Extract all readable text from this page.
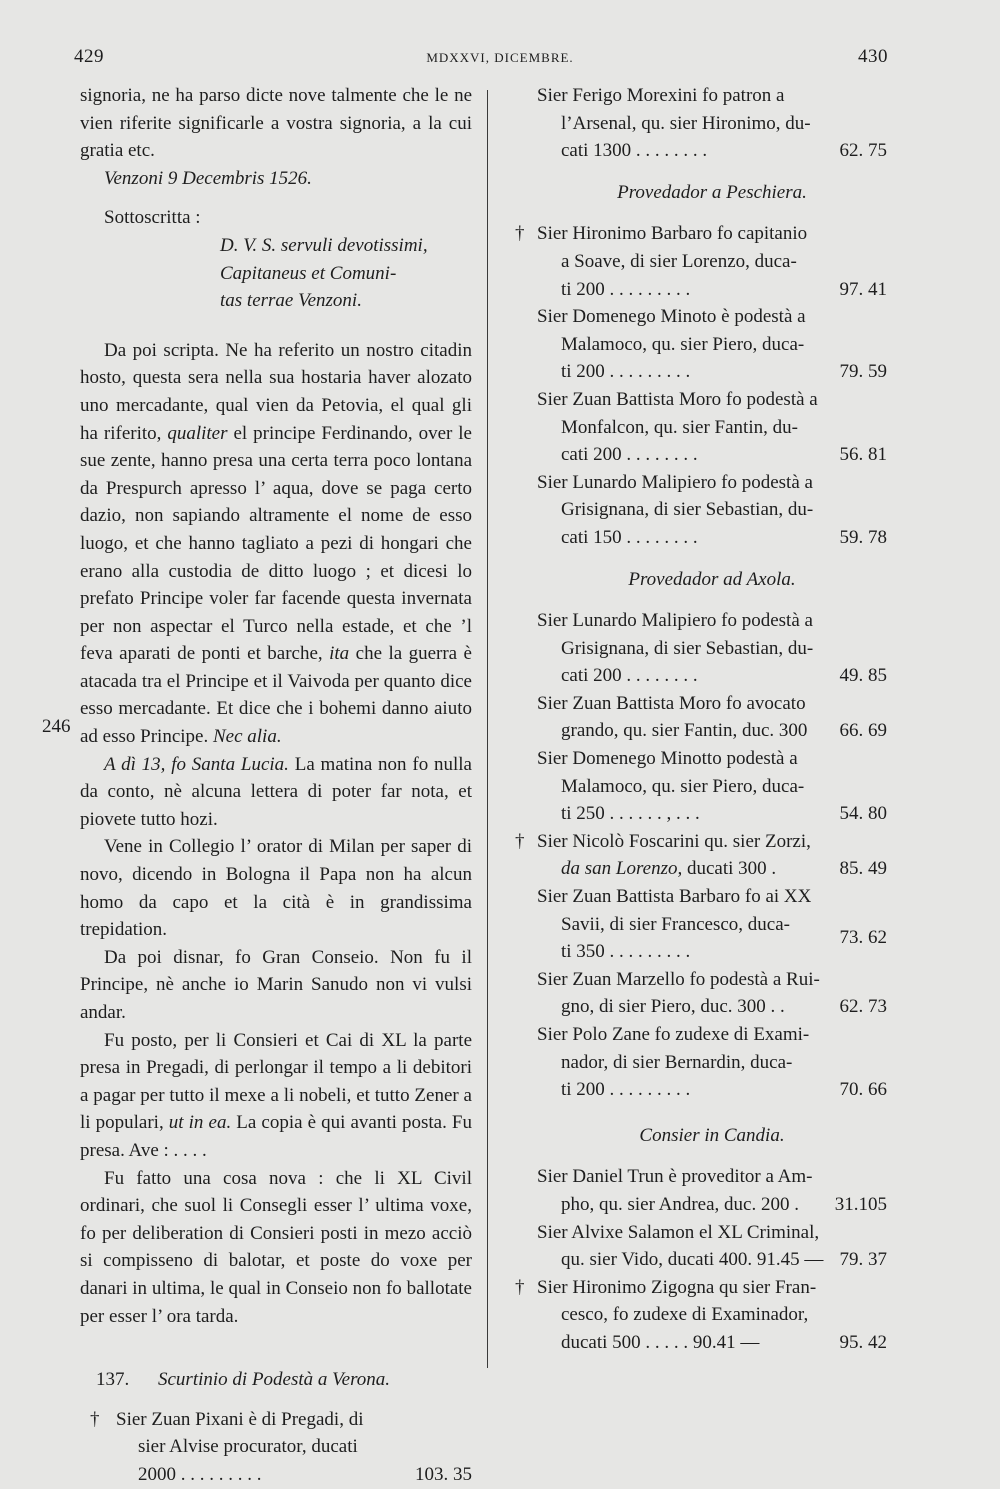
429	MDXXVI, DICEMBRE.	430

signoria, ne ha parso dicte nove talmente che le ne vien riferite significarle a vostra signoria, a la cui gratia etc.

Venzoni 9 Decembris 1526.

Sottoscritta :

D. V. S. servuli devotissimi,

Capitaneus et Comuni-

tas terrae Venzoni.

Da poi scripta. Ne ha referito un nostro citadin hosto, questa sera nella sua hostaria haver alozato uno mercadante, qual vien da Petovia, el qual gli ha riferito, qualiter el principe Ferdinando, over le sue zente, hanno presa una certa terra poco lontana da Prespurch apresso l’ aqua, dove se paga certo dazio, non sapiando altramente el nome de esso luogo, et che hanno tagliato a pezi di hongari che erano alla custodia de ditto luogo ; et dicesi lo prefato Principe voler far facende questa invernata per non aspectar el Turco nella estade, et che ’l feva aparati de ponti et barche, ita che la guerra è atacada tra el Principe et il Vaivoda per quanto dice esso mercadante. Et dice che i bohemi danno aiuto ad esso Principe. Nec alia.

A dì 13, fo Santa Lucia. La matina non fo nulla da conto, nè alcuna lettera di poter far nota, et piovete tutto hozi.

Vene in Collegio l’ orator di Milan per saper di novo, dicendo in Bologna il Papa non ha alcun homo da capo et la cità è in grandissima trepidation.

Da poi disnar, fo Gran Conseio. Non fu il Principe, nè anche io Marin Sanudo non vi vulsi andar.

Fu posto, per li Consieri et Cai di XL la parte presa in Pregadi, di perlongar il tempo a li debitori a pagar per tutto il mexe a li nobeli, et tutto Zener a li populari, ut in ea. La copia è qui avanti posta. Fu presa. Ave : . . . .

Fu fatto una cosa nova : che li XL Civil ordinari, che suol li Consegli esser l’ ultima voxe, fo per deliberation di Consieri posti in mezo acciò si compisseno di balotar, et poste do voxe per danari in ultima, le qual in Conseio non fo ballotate per esser l’ ora tarda.

137. Scurtinio di Podestà a Verona.

† Sier Zuan Pixani è di Pregadi, di
sier Alvise procurator, ducati
2000 . . . . . . . . .	103. 35
246
Sier Ferigo Morexini fo patron a
l’Arsenal, qu. sier Hironimo, du-
cati 1300 . . . . . . . .	62. 75
Provedador a Peschiera.
† Sier Hironimo Barbaro fo capitanio
a Soave, di sier Lorenzo, duca-
ti 200 . . . . . . . . .	97. 41
Sier Domenego Minoto è podestà a
Malamoco, qu. sier Piero, duca-
ti 200 . . . . . . . . .	79. 59
Sier Zuan Battista Moro fo podestà a
Monfalcon, qu. sier Fantin, du-
cati 200 . . . . . . . .	56. 81
Sier Lunardo Malipiero fo podestà a
Grisignana, di sier Sebastian, du-
cati 150 . . . . . . . .	59. 78
Provedador ad Axola.
Sier Lunardo Malipiero fo podestà a
Grisignana, di sier Sebastian, du-
cati 200 . . . . . . . .	49. 85
Sier Zuan Battista Moro fo avocato
grando, qu. sier Fantin, duc. 300	66. 69
Sier Domenego Minotto podestà a
Malamoco, qu. sier Piero, duca-
ti 250 . . . . . . , . . .	54. 80
† Sier Nicolò Foscarini qu. sier Zorzi,
da san Lorenzo, ducati 300 .	85. 49
Sier Zuan Battista Barbaro fo ai XX
Savii, di sier Francesco, duca-
ti 350 . . . . . . . . .
73. 62
Sier Zuan Marzello fo podestà a Rui-
gno, di sier Piero, duc. 300 . .	62. 73
Sier Polo Zane fo zudexe di Exami-
nador, di sier Bernardin, duca-
ti 200 . . . . . . . . .	70. 66
Consier in Candia.
Sier Daniel Trun è proveditor a Am-
pho, qu. sier Andrea, duc. 200 .	31.105
Sier Alvixe Salamon el XL Criminal,
qu. sier Vido, ducati 400. 91.45 — 79. 37
† Sier Hironimo Zigogna qu sier Fran-
cesco, fo zudexe di Examinador,
ducati 500 . . . . . 90.41 —	95. 42
